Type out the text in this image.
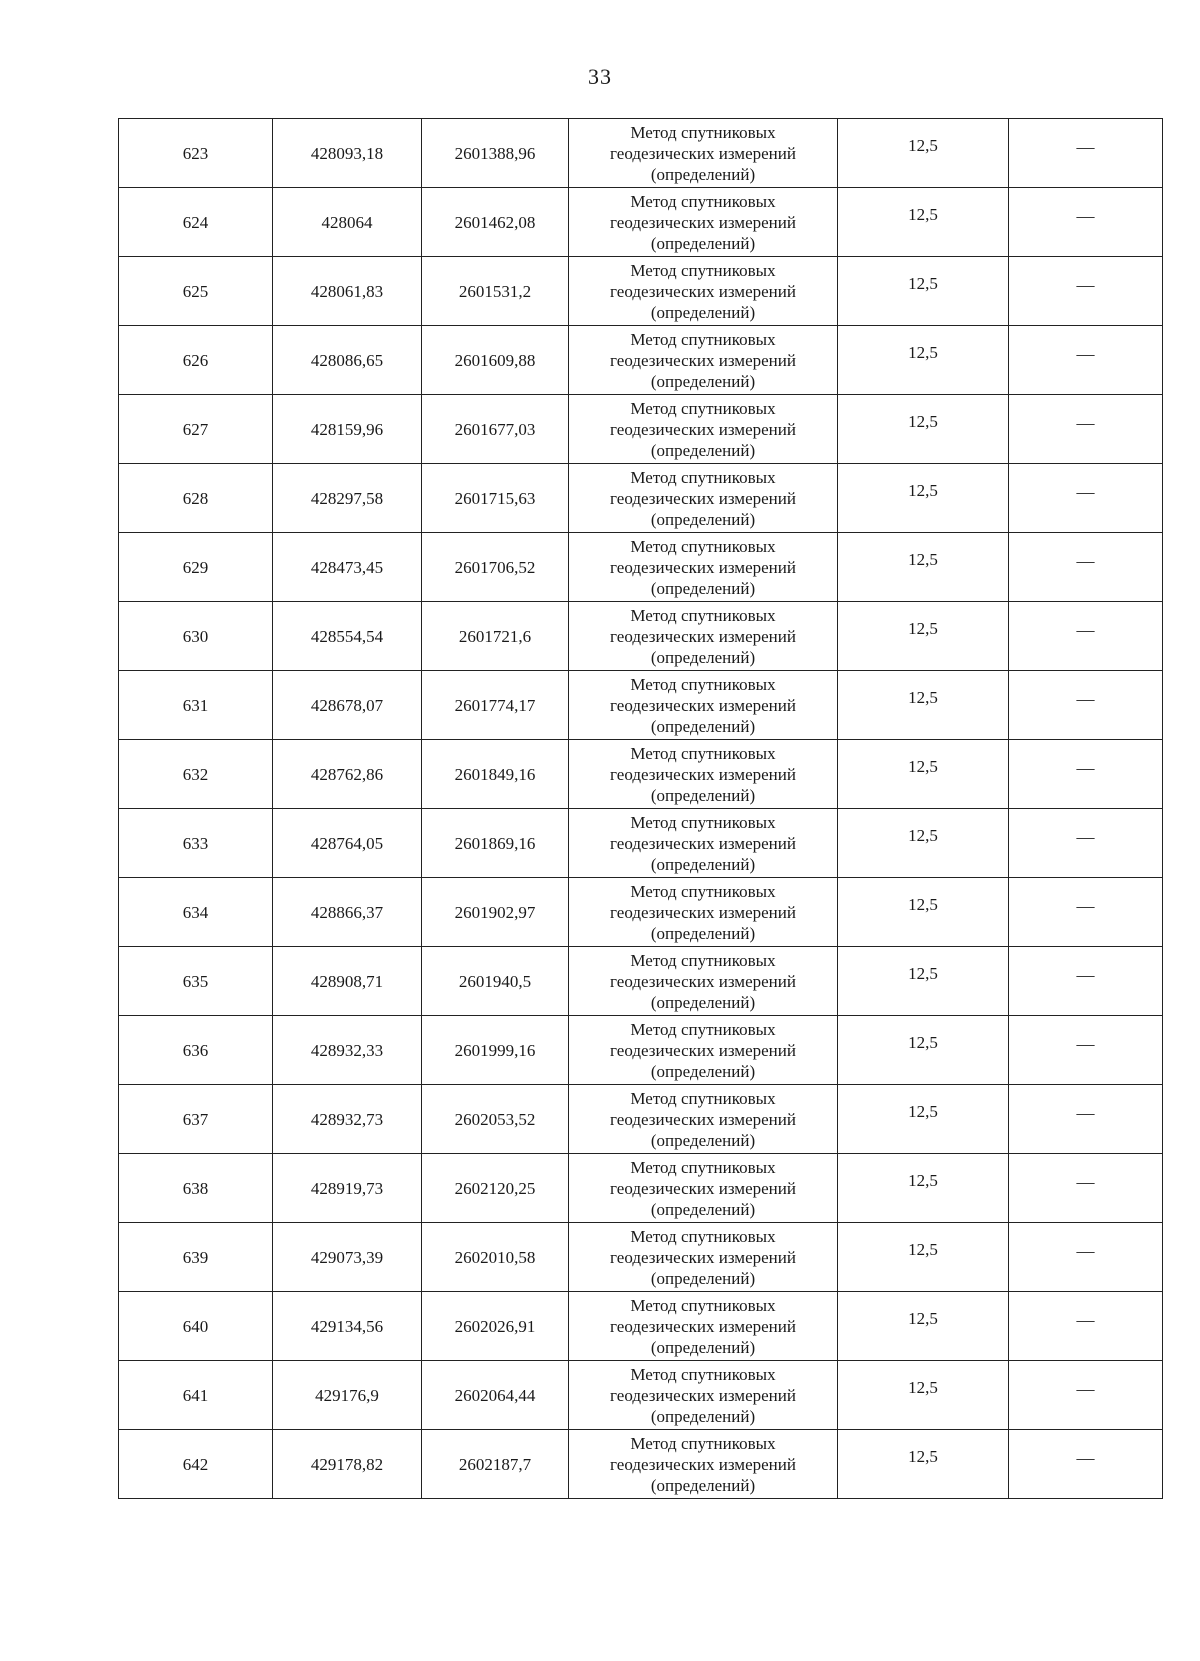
33
623	428093,18	2601388,96	Метод спутниковых
геодезических измерений
(определений)	12,5	—
624	428064	2601462,08	Метод спутниковых
геодезических измерений
(определений)	12,5	—
625	428061,83	2601531,2	Метод спутниковых
геодезических измерений
(определений)	12,5	—
626	428086,65	2601609,88	Метод спутниковых
геодезических измерений
(определений)	12,5	—
627	428159,96	2601677,03	Метод спутниковых
геодезических измерений
(определений)	12,5	—
628	428297,58	2601715,63	Метод спутниковых
геодезических измерений
(определений)	12,5	—
629	428473,45	2601706,52	Метод спутниковых
геодезических измерений
(определений)	12,5	—
630	428554,54	2601721,6	Метод спутниковых
геодезических измерений
(определений)	12,5	—
631	428678,07	2601774,17	Метод спутниковых
геодезических измерений
(определений)	12,5	—
632	428762,86	2601849,16	Метод спутниковых
геодезических измерений
(определений)	12,5	—
633	428764,05	2601869,16	Метод спутниковых
геодезических измерений
(определений)	12,5	—
634	428866,37	2601902,97	Метод спутниковых
геодезических измерений
(определений)	12,5	—
635	428908,71	2601940,5	Метод спутниковых
геодезических измерений
(определений)	12,5	—
636	428932,33	2601999,16	Метод спутниковых
геодезических измерений
(определений)	12,5	—
637	428932,73	2602053,52	Метод спутниковых
геодезических измерений
(определений)	12,5	—
638	428919,73	2602120,25	Метод спутниковых
геодезических измерений
(определений)	12,5	—
639	429073,39	2602010,58	Метод спутниковых
геодезических измерений
(определений)	12,5	—
640	429134,56	2602026,91	Метод спутниковых
геодезических измерений
(определений)	12,5	—
641	429176,9	2602064,44	Метод спутниковых
геодезических измерений
(определений)	12,5	—
642	429178,82	2602187,7	Метод спутниковых
геодезических измерений
(определений)	12,5	—
